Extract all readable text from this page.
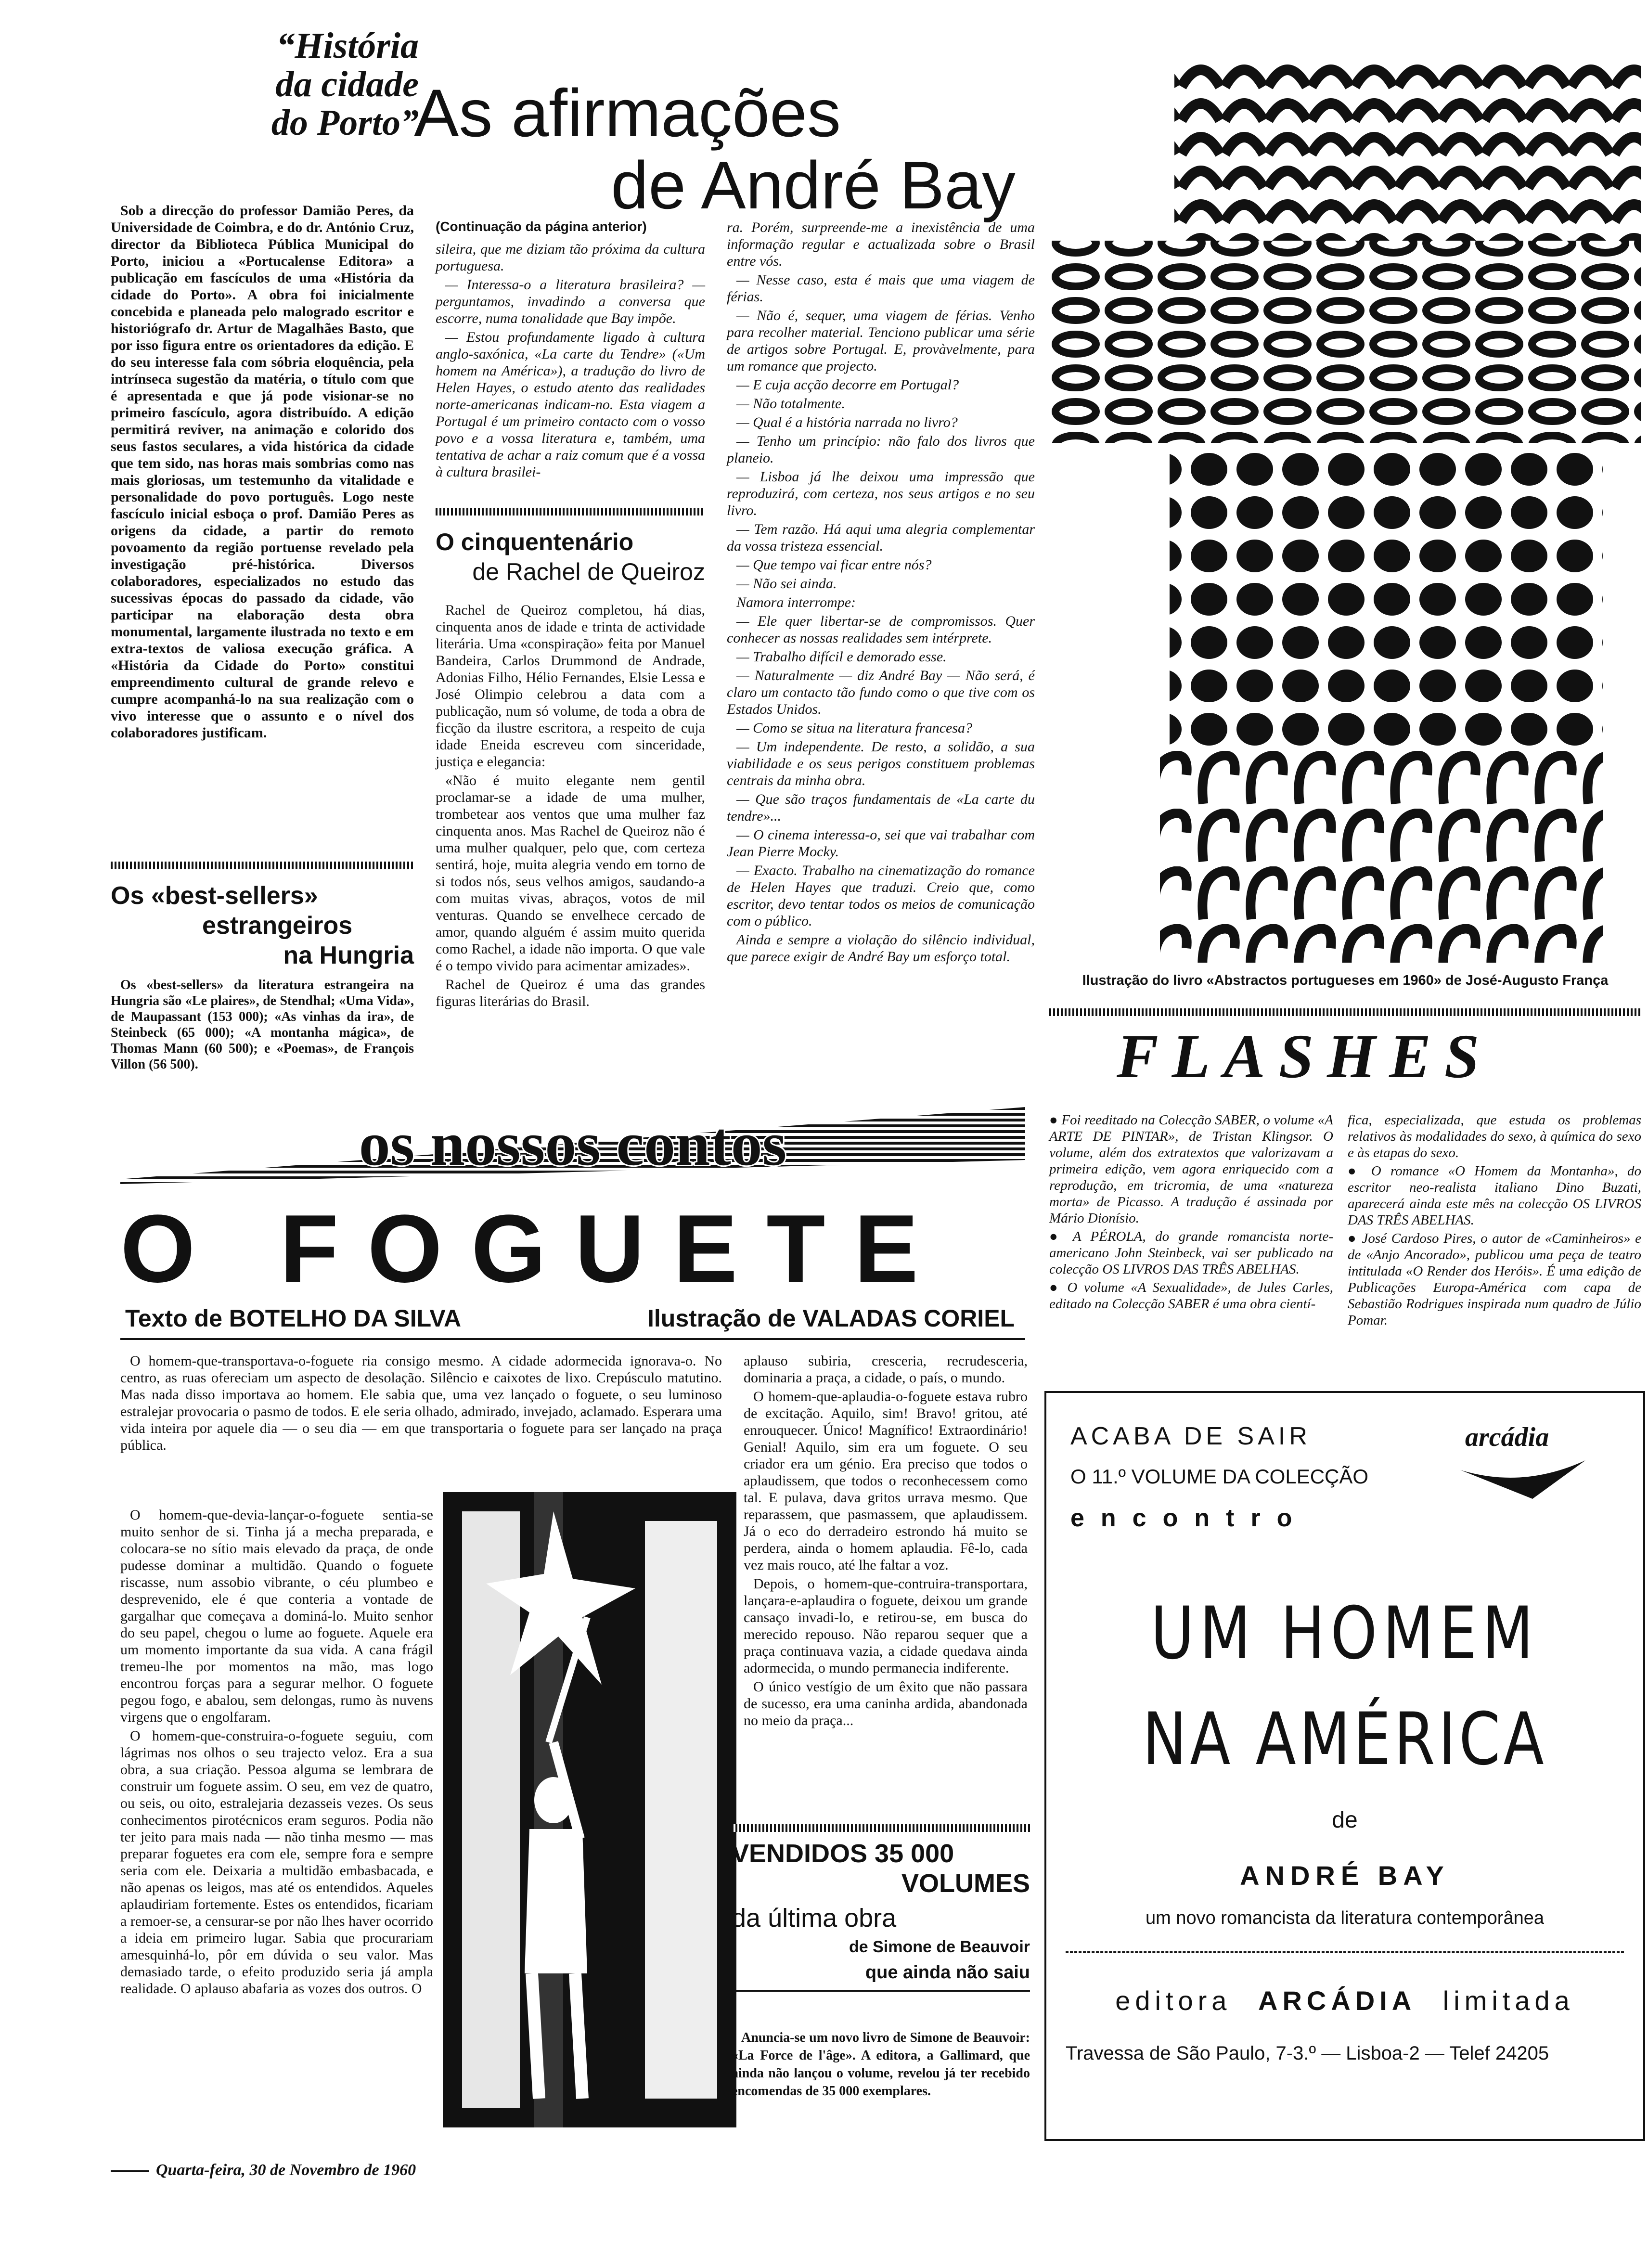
“História
da cidade
do Porto”

Sob a direcção do professor Damião Peres, da Universidade de Coimbra, e do dr. António Cruz, director da Biblioteca Pública Municipal do Porto, iniciou a «Portucalense Editora» a publicação em fascículos de uma «História da cidade do Porto». A obra foi inicialmente concebida e planeada pelo malogrado escritor e historiógrafo dr. Artur de Magalhães Basto, que por isso figura entre os orientadores da edição. E do seu interesse fala com sóbria eloquência, pela intrínseca sugestão da matéria, o título com que é apresentada e que já pode visionar-se no primeiro fascículo, agora distribuído. A edição permitirá reviver, na animação e colorido dos seus fastos seculares, a vida histórica da cidade que tem sido, nas horas mais sombrias como nas mais gloriosas, um testemunho da vitalidade e personalidade do povo português. Logo neste fascículo inicial esboça o prof. Damião Peres as origens da cidade, a partir do remoto povoamento da região portuense revelado pela investigação pré-histórica. Diversos colaboradores, especializados no estudo das sucessivas épocas do passado da cidade, vão participar na elaboração desta obra monumental, largamente ilustrada no texto e em extra-textos de valiosa execução gráfica. A «História da Cidade do Porto» constitui empreendimento cultural de grande relevo e cumpre acompanhá-lo na sua realização com o vivo interesse que o assunto e o nível dos colaboradores justificam.

Os «best-sellers»
estrangeiros
na Hungria

Os «best-sellers» da literatura estrangeira na Hungria são «Le plaires», de Stendhal; «Uma Vida», de Maupassant (153 000); «As vinhas da ira», de Steinbeck (65 000); «A montanha mágica», de Thomas Mann (60 500); e «Poemas», de François Villon (56 500).

As afirmações
de André Bay
(Continuação da página anterior)

sileira, que me diziam tão próxima da cultura portuguesa.

— Interessa-o a literatura brasileira? — perguntamos, invadindo a conversa que escorre, numa tonalidade que Bay impõe.

— Estou profundamente ligado à cultura anglo-saxónica, «La carte du Tendre» («Um homem na América»), a tradução do livro de Helen Hayes, o estudo atento das realidades norte-americanas indicam-no. Esta viagem a Portugal é um primeiro contacto com o vosso povo e a vossa literatura e, também, uma tentativa de achar a raiz comum que é a vossa à cultura brasilei-

O cinquentenário
de Rachel de Queiroz

Rachel de Queiroz completou, há dias, cinquenta anos de idade e trinta de actividade literária. Uma «conspiração» feita por Manuel Bandeira, Carlos Drummond de Andrade, Adonias Filho, Hélio Fernandes, Elsie Lessa e José Olimpio celebrou a data com a publicação, num só volume, de toda a obra de ficção da ilustre escritora, a respeito de cuja idade Eneida escreveu com sinceridade, justiça e elegancia:

«Não é muito elegante nem gentil proclamar-se a idade de uma mulher, trombetear aos ventos que uma mulher faz cinquenta anos. Mas Rachel de Queiroz não é uma mulher qualquer, pelo que, com certeza sentirá, hoje, muita alegria vendo em torno de si todos nós, seus velhos amigos, saudando-a com muitas vivas, abraços, votos de mil venturas. Quando se envelhece cercado de amor, quando alguém é assim muito querida como Rachel, a idade não importa. O que vale é o tempo vivido para acimentar amizades».

Rachel de Queiroz é uma das grandes figuras literárias do Brasil.

ra. Porém, surpreende-me a inexistência de uma informação regular e actualizada sobre o Brasil entre vós.

— Nesse caso, esta é mais que uma viagem de férias.

— Não é, sequer, uma viagem de férias. Venho para recolher material. Tenciono publicar uma série de artigos sobre Portugal. E, provàvelmente, para um romance que projecto.

— E cuja acção decorre em Portugal?

— Não totalmente.

— Qual é a história narrada no livro?

— Tenho um princípio: não falo dos livros que planeio.

— Lisboa já lhe deixou uma impressão que reproduzirá, com certeza, nos seus artigos e no seu livro.

— Tem razão. Há aqui uma alegria complementar da vossa tristeza essencial.

— Que tempo vai ficar entre nós?

— Não sei ainda.

Namora interrompe:

— Ele quer libertar-se de compromissos. Quer conhecer as nossas realidades sem intérprete.

— Trabalho difícil e demorado esse.

— Naturalmente — diz André Bay — Não será, é claro um contacto tão fundo como o que tive com os Estados Unidos.

— Como se situa na literatura francesa?

— Um independente. De resto, a solidão, a sua viabilidade e os seus perigos constituem problemas centrais da minha obra.

— Que são traços fundamentais de «La carte du tendre»...

— O cinema interessa-o, sei que vai trabalhar com Jean Pierre Mocky.

— Exacto. Trabalho na cinematização do romance de Helen Hayes que traduzi. Creio que, como escritor, devo tentar todos os meios de comunicação com o público.

Ainda e sempre a violação do silêncio individual, que parece exigir de André Bay um esforço total.

Ilustração do livro «Abstractos portugueses em 1960» de José-Augusto França
FLASHES

● Foi reeditado na Colecção SABER, o volume «A ARTE DE PINTAR», de Tristan Klingsor. O volume, além dos extratextos que valorizavam a primeira edição, vem agora enriquecido com a reprodução, em tricromia, de uma «natureza morta» de Picasso. A tradução é assinada por Mário Dionísio.

● A PÉROLA, do grande romancista norte-americano John Steinbeck, vai ser publicado na colecção OS LIVROS DAS TRÊS ABELHAS.

● O volume «A Sexualidade», de Jules Carles, editado na Colecção SABER é uma obra cientí-

fica, especializada, que estuda os problemas relativos às modalidades do sexo, à química do sexo e às etapas do sexo.

● O romance «O Homem da Montanha», do escritor neo-realista italiano Dino Buzati, aparecerá ainda este mês na colecção OS LIVROS DAS TRÊS ABELHAS.

● José Cardoso Pires, o autor de «Caminheiros» e de «Anjo Ancorado», publicou uma peça de teatro intitulada «O Render dos Heróis». É uma edição de Publicações Europa-América com capa de Sebastião Rodrigues inspirada num quadro de Júlio Pomar.

os nossos contos
O FOGUETE
Texto de BOTELHO DA SILVA	Ilustração de VALADAS CORIEL

O homem-que-transportava-o-foguete ria consigo mesmo. A cidade adormecida ignorava-o. No centro, as ruas ofereciam um aspecto de desolação. Silêncio e caixotes de lixo. Crepúsculo matutino. Mas nada disso importava ao homem. Ele sabia que, uma vez lançado o foguete, o seu luminoso estralejar provocaria o pasmo de todos. E ele seria olhado, admirado, invejado, aclamado. Esperara uma vida inteira por aquele dia — o seu dia — em que transportaria o foguete para ser lançado na praça pública.

O homem-que-devia-lançar-o-foguete sentia-se muito senhor de si. Tinha já a mecha preparada, e colocara-se no sítio mais elevado da praça, de onde pudesse dominar a multidão. Quando o foguete riscasse, num assobio vibrante, o céu plumbeo e desprevenido, ele é que conteria a vontade de gargalhar que começava a dominá-lo. Muito senhor do seu papel, chegou o lume ao foguete. Aquele era um momento importante da sua vida. A cana frágil tremeu-lhe por momentos na mão, mas logo encontrou forças para a segurar melhor. O foguete pegou fogo, e abalou, sem delongas, rumo às nuvens virgens que o engolfaram.

O homem-que-construira-o-foguete seguiu, com lágrimas nos olhos o seu trajecto veloz. Era a sua obra, a sua criação. Pessoa alguma se lembrara de construir um foguete assim. O seu, em vez de quatro, ou seis, ou oito, estralejaria dezasseis vezes. Os seus conhecimentos pirotécnicos eram seguros. Podia não ter jeito para mais nada — não tinha mesmo — mas preparar foguetes era com ele, sempre fora e sempre seria com ele. Deixaria a multidão embasbacada, e não apenas os leigos, mas até os entendidos. Aqueles aplaudiriam fortemente. Estes os entendidos, ficariam a remoer-se, a censurar-se por não lhes haver ocorrido a ideia em primeiro lugar. Sabia que procurariam amesquinhá-lo, pôr em dúvida o seu valor. Mas demasiado tarde, o efeito produzido seria já ampla realidade. O aplauso abafaria as vozes dos outros. O

aplauso subiria, cresceria, recrudesceria, dominaria a praça, a cidade, o país, o mundo.

O homem-que-aplaudia-o-foguete estava rubro de excitação. Aquilo, sim! Bravo! gritou, até enrouquecer. Único! Magnífico! Extraordinário! Genial! Aquilo, sim era um foguete. O seu criador era um génio. Era preciso que todos o aplaudissem, que todos o reconhecessem como tal. E pulava, dava gritos urrava mesmo. Que reparassem, que pasmassem, que aplaudissem. Já o eco do derradeiro estrondo há muito se perdera, ainda o homem aplaudia. Fê-lo, cada vez mais rouco, até lhe faltar a voz.

Depois, o homem-que-contruira-transportara, lançara-e-aplaudira o foguete, deixou um grande cansaço invadi-lo, e retirou-se, em busca do merecido repouso. Não reparou sequer que a praça continuava vazia, a cidade quedava ainda adormecida, o mundo permanecia indiferente.

O único vestígio de um êxito que não passara de sucesso, era uma caninha ardida, abandonada no meio da praça...

VENDIDOS 35 000
VOLUMES
da última obra
de Simone de Beauvoir
que ainda não saiu

Anuncia-se um novo livro de Simone de Beauvoir: «La Force de l'âge». A editora, a Gallimard, que ainda não lançou o volume, revelou já ter recebido encomendas de 35 000 exemplares.

ACABA DE SAIR
O 11.º VOLUME DA COLECÇÃO
encontro
arcádia
UM HOMEM
NA AMÉRICA
de
ANDRÉ BAY
um novo romancista da literatura contemporânea
editora ARCÁDIA limitada
Travessa de São Paulo, 7-3.º — Lisboa-2 — Telef 24205
Quarta-feira, 30 de Novembro de 1960
